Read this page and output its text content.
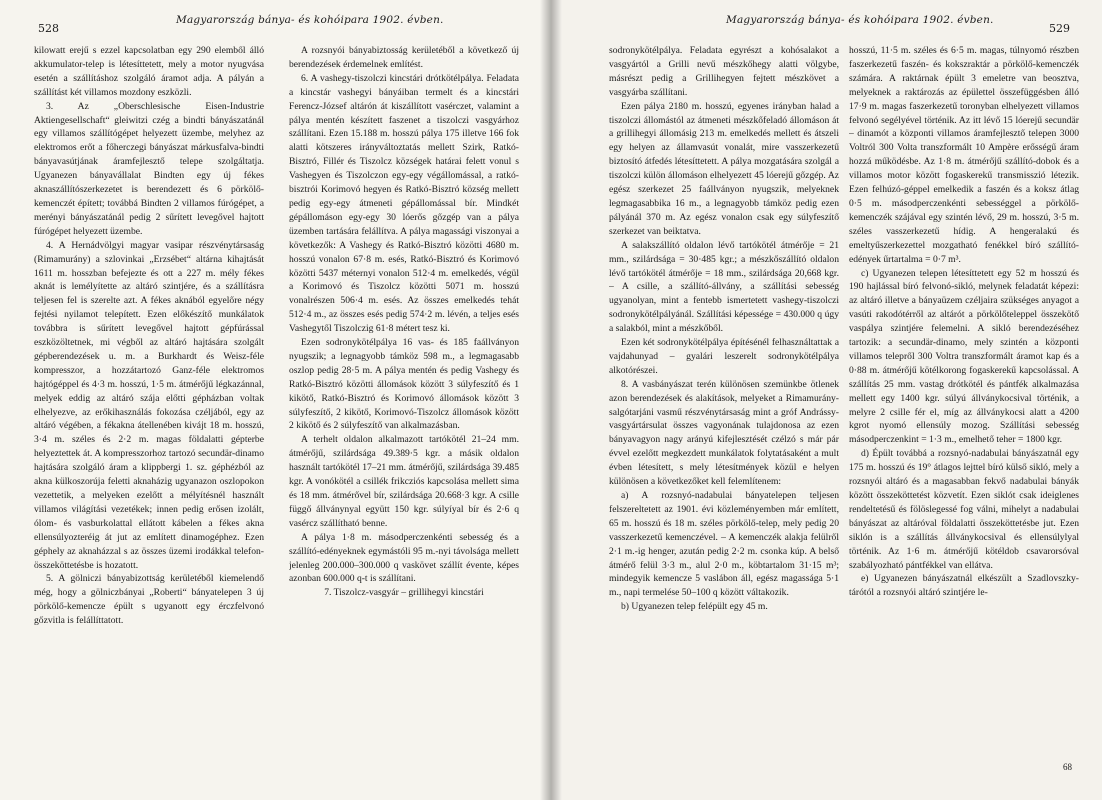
528
Magyarország bánya- és kohóipara 1902. évben.

kilowatt erejű s ezzel kapcsolatban egy 290 elemből álló akkumulator-telep is létesíttetett, mely a motor nyugvása esetén a szállításhoz szolgáló áramot adja. A pályán a szállítást két villamos mozdony eszközli.

3. Az „Oberschlesische Eisen-Industrie Aktiengesellschaft“ gleiwitzi czég a bindti bányászatánál egy villamos szállítógépet helyezett üzembe, melyhez az elektromos erőt a főherczegi bányászat márkusfalva-bindti bányavasútjának áramfejlesztő telepe szolgáltatja. Ugyanezen bányavállalat Bindten egy új fékes aknaszállítószerkezetet is berendezett és 6 pörkölő-kemenczét épített; továbbá Bindten 2 villamos fúrógépet, a merényi bányászatánál pedig 2 sűrített levegővel hajtott fúrógépet helyezett üzembe.

4. A Hernádvölgyi magyar vasipar részvénytársaság (Rimamurány) a szlovinkai „Erzsébet“ altárna kihajtását 1611 m. hosszban befejezte és ott a 227 m. mély fékes aknát is lemélyítette az altáró szintjére, és a szállításra teljesen fel is szerelte azt. A fékes aknából egyelőre négy fejtési nyilamot telepített. Ezen előkészítő munkálatok továbbra is sűrített levegővel hajtott gépfúrással eszközöltetnek, mi végből az altáró hajtására szolgált gépberendezések u. m. a Burkhardt és Weisz-féle kompresszor, a hozzátartozó Ganz-féle elektromos hajtógéppel és 4·3 m. hosszú, 1·5 m. átmérőjű légkazánnal, melyek eddig az altáró szája előtti gépházban voltak elhelyezve, az erőkihasználás fokozása czéljából, egy az altáró végében, a fékakna átellenében kivájt 18 m. hosszú, 3·4 m. széles és 2·2 m. magas földalatti gépterbe helyeztettek át. A kompresszorhoz tartozó secundär-dinamo hajtására szolgáló áram a klippbergi 1. sz. géphézból az akna külkoszorúja feletti aknaházig ugyanazon oszlopokon vezettetik, a melyeken ezelőtt a mélyítésnél használt villamos világítási vezetékek; innen pedig erősen izolált, ólom- és vasburkolattal ellátott kábelen a fékes akna ellensúlyozteréig át jut az említett dinamogéphez. Ezen géphely az aknaházzal s az összes üzemi irodákkal telefon-összeköttetésbe is hozatott.

5. A gölniczi bányabizottság kerületéből kiemelendő még, hogy a gölniczbányai „Roberti“ bányatelepen 3 új pörkölő-kemencze épült s ugyanott egy érczfelvonó gőzvitla is felállíttatott.

A rozsnyói bányabiztosság kerületéből a következő új berendezések érdemelnek említést.

6. A vashegy-tiszolczi kincstári drótkötélpálya. Feladata a kincstár vashegyi bányáiban termelt és a kincstári Ferencz-József altárón át kiszállított vasérczet, valamint a pálya mentén készített faszenet a tiszolczi vasgyárhoz szállítani. Ezen 15.188 m. hosszú pálya 175 illetve 166 fok alatti kötszeres irányváltoztatás mellett Szirk, Ratkó-Bisztró, Fillér és Tiszolcz községek határai felett vonul s Vashegyen és Tiszolczon egy-egy végállomással, a ratkó-bisztrói Korimovó hegyen és Ratkó-Bisztró község mellett pedig egy-egy átmeneti gépállomással bír. Mindkét gépállomáson egy-egy 30 lóerős gőzgép van a pálya üzemben tartására felállítva. A pálya magassági viszonyai a következők: A Vashegy és Ratkó-Bisztró közötti 4680 m. hosszú vonalon 67·8 m. esés, Ratkó-Bisztró és Korimovó közötti 5437 méternyi vonalon 512·4 m. emelkedés, végül a Korimovó és Tiszolcz közötti 5071 m. hosszú vonalrészen 506·4 m. esés. Az összes emelkedés tehát 512·4 m., az összes esés pedig 574·2 m. lévén, a teljes esés Vashegytől Tiszolczig 61·8 métert tesz ki.

Ezen sodronykötélpálya 16 vas- és 185 faállványon nyugszik; a legnagyobb támköz 598 m., a legmagasabb oszlop pedig 28·5 m. A pálya mentén és pedig Vashegy és Ratkó-Bisztró közötti állomások között 3 súlyfeszítő és 1 kikötő, Ratkó-Bisztró és Korimovó állomások között 3 súlyfeszítő, 2 kikötő, Korimovó-Tiszolcz állomások között 2 kikötő és 2 súlyfeszítő van alkalmazásban.

A terhelt oldalon alkalmazott tartókötél 21–24 mm. átmérőjű, szilárdsága 49.389·5 kgr. a másik oldalon használt tartókötél 17–21 mm. átmérőjű, szilárdsága 39.485 kgr. A vonókötél a csillék frikcziós kapcsolása mellett sima és 18 mm. átmérővel bír, szilárdsága 20.668·3 kgr. A csille függő állványnyal együtt 150 kgr. súlyíyal bír és 2·6 q vasércz szállítható benne.

A pálya 1·8 m. másodperczenkénti sebesség és a szállító-edényeknek egymástóli 95 m.-nyi távolsága mellett jelenleg 200.000–300.000 q vaskövet szállít évente, képes azonban 600.000 q-t is szállítani.

7. Tiszolcz-vasgyár – grillihegyi kincstári

Magyarország bánya- és kohóipara 1902. évben.
529

sodronykötélpálya. Feladata egyrészt a kohósalakot a vasgyártól a Grilli nevű mészkőhegy alatti völgybe, másrészt pedig a Grillihegyen fejtett mészkövet a vasgyárba szállítani.

Ezen pálya 2180 m. hosszú, egyenes irányban halad a tiszolczi állomástól az átmeneti mészkőfeladó állomáson át a grillihegyi állomásig 213 m. emelkedés mellett és átszeli egy helyen az államvasút vonalát, mire vasszerkezetű biztosító átfedés létesíttetett. A pálya mozgatására szolgál a tiszolczi külön állomáson elhelyezett 45 lóerejű gőzgép. Az egész szerkezet 25 faállványon nyugszik, melyeknek legmagasabbika 16 m., a legnagyobb támköz pedig ezen pályánál 370 m. Az egész vonalon csak egy súlyfeszítő szerkezet van beiktatva.

A salakszállító oldalon lévő tartókötél átmérője = 21 mm., szilárdsága = 30·485 kgr.; a mészkőszállító oldalon lévő tartókötél átmérője = 18 mm., szilárdsága 20,668 kgr. – A csille, a szállító-állvány, a szállítási sebesség ugyanolyan, mint a fentebb ismertetett vashegy-tiszolczi sodronykötélpályánál. Szállítási képessége = 430.000 q úgy a salakból, mint a mészkőből.

Ezen két sodronykötélpálya építésénél felhasználtattak a vajdahunyad – gyalári leszerelt sodronykötélpálya alkotórészei.

8. A vasbányászat terén különösen szemünkbe ötlenek azon berendezések és alakítások, melyeket a Rimamurány-salgótarjáni vasmű részvénytársaság mint a gróf Andrássy-vasgyártársulat összes vagyonának tulajdonosa az ezen bányavagyon nagy arányú kifejlesztését czélzó s már pár évvel ezelőtt megkezdett munkálatok folytatásaként a mult évben létesített, s mely létesítmények közül e helyen különösen a következőket kell felemlítenem:

a) A rozsnyó-nadabulai bányatelepen teljesen felszereltetett az 1901. évi közleményemben már említett, 65 m. hosszú és 18 m. széles pörkölő-telep, mely pedig 20 vasszerkezetű kemenczével. – A kemenczék alakja felülről 2·1 m.-ig henger, azután pedig 2·2 m. csonka kúp. A belső átmérő felül 3·3 m., alul 2·0 m., köbtartalom 31·15 m³; mindegyik kemencze 5 vaslábon áll, egész magassága 5·1 m., napi termelése 50–100 q között váltakozik.

b) Ugyanezen telep felépült egy 45 m.

hosszú, 11·5 m. széles és 6·5 m. magas, túlnyomó részben faszerkezetű faszén- és kokszraktár a pörkölő-kemenczék számára. A raktárnak épült 3 emeletre van beosztva, melyeknek a raktározás az épülettel összefüggésben álló 17·9 m. magas faszerkezetű toronyban elhelyezett villamos felvonó segélyével történik. Az itt lévő 15 lóerejű secundär – dinamót a központi villamos áramfejlesztő telepen 3000 Voltról 300 Volta transzformált 10 Ampère erősségű áram hozzá működésbe. Az 1·8 m. átmérőjű szállító-dobok és a villamos motor között fogaskerekű transmisszió létezik. Ezen felhúzó-géppel emelkedik a faszén és a koksz átlag 0·5 m. másodperczenkénti sebességgel a pörkölő-kemenczék szájával egy szintén lévő, 29 m. hosszú, 3·5 m. széles vasszerkezetű hídig. A hengeralakú és emeltyűszerkezettel mozgatható fenékkel bíró szállító-edények űrtartalma = 0·7 m³.

c) Ugyanezen telepen létesíttetett egy 52 m hosszú és 190 hajlással bíró felvonó-sikló, melynek feladatát képezi: az altáró illetve a bányaüzem czéljaira szükséges anyagot a vasúti rakodótérről az altárót a pörkölőteleppel összekötő vaspálya szintjére felemelni. A sikló berendezéséhez tartozik: a secundär-dinamo, mely szintén a központi villamos telepről 300 Voltra transzformált áramot kap és a 0·88 m. átmérőjű kötélkorong fogaskerekű kapcsolással. A szállítás 25 mm. vastag drótkötél és pántfék alkalmazása mellett egy 1400 kgr. súlyú állványkocsival történik, a melyre 2 csille fér el, míg az állványkocsi alatt a 4200 kgrot nyomó ellensúly mozog. Szállítási sebesség másodperczenkint = 1·3 m., emelhető teher = 1800 kgr.

d) Épült továbbá a rozsnyó-nadabulai bányászatnál egy 175 m. hosszú és 19° átlagos lejttel bíró külső sikló, mely a rozsnyói altáró és a magasabban fekvő nadabulai bányák között összeköttetést közvetít. Ezen siklót csak ideiglenes rendeltetésű és fölöslegessé fog válni, mihelyt a nadabulai bányászat az altáróval földalatti összeköttetésbe jut. Ezen siklón is a szállítás állványkocsival és ellensúlylyal történik. Az 1·6 m. átmérőjű kötéldob csavarorsóval szabályozható pántfékkel van ellátva.

e) Ugyanezen bányászatnál elkészült a Szadlovszky-tárótól a rozsnyói altáró szintjére le-

68
